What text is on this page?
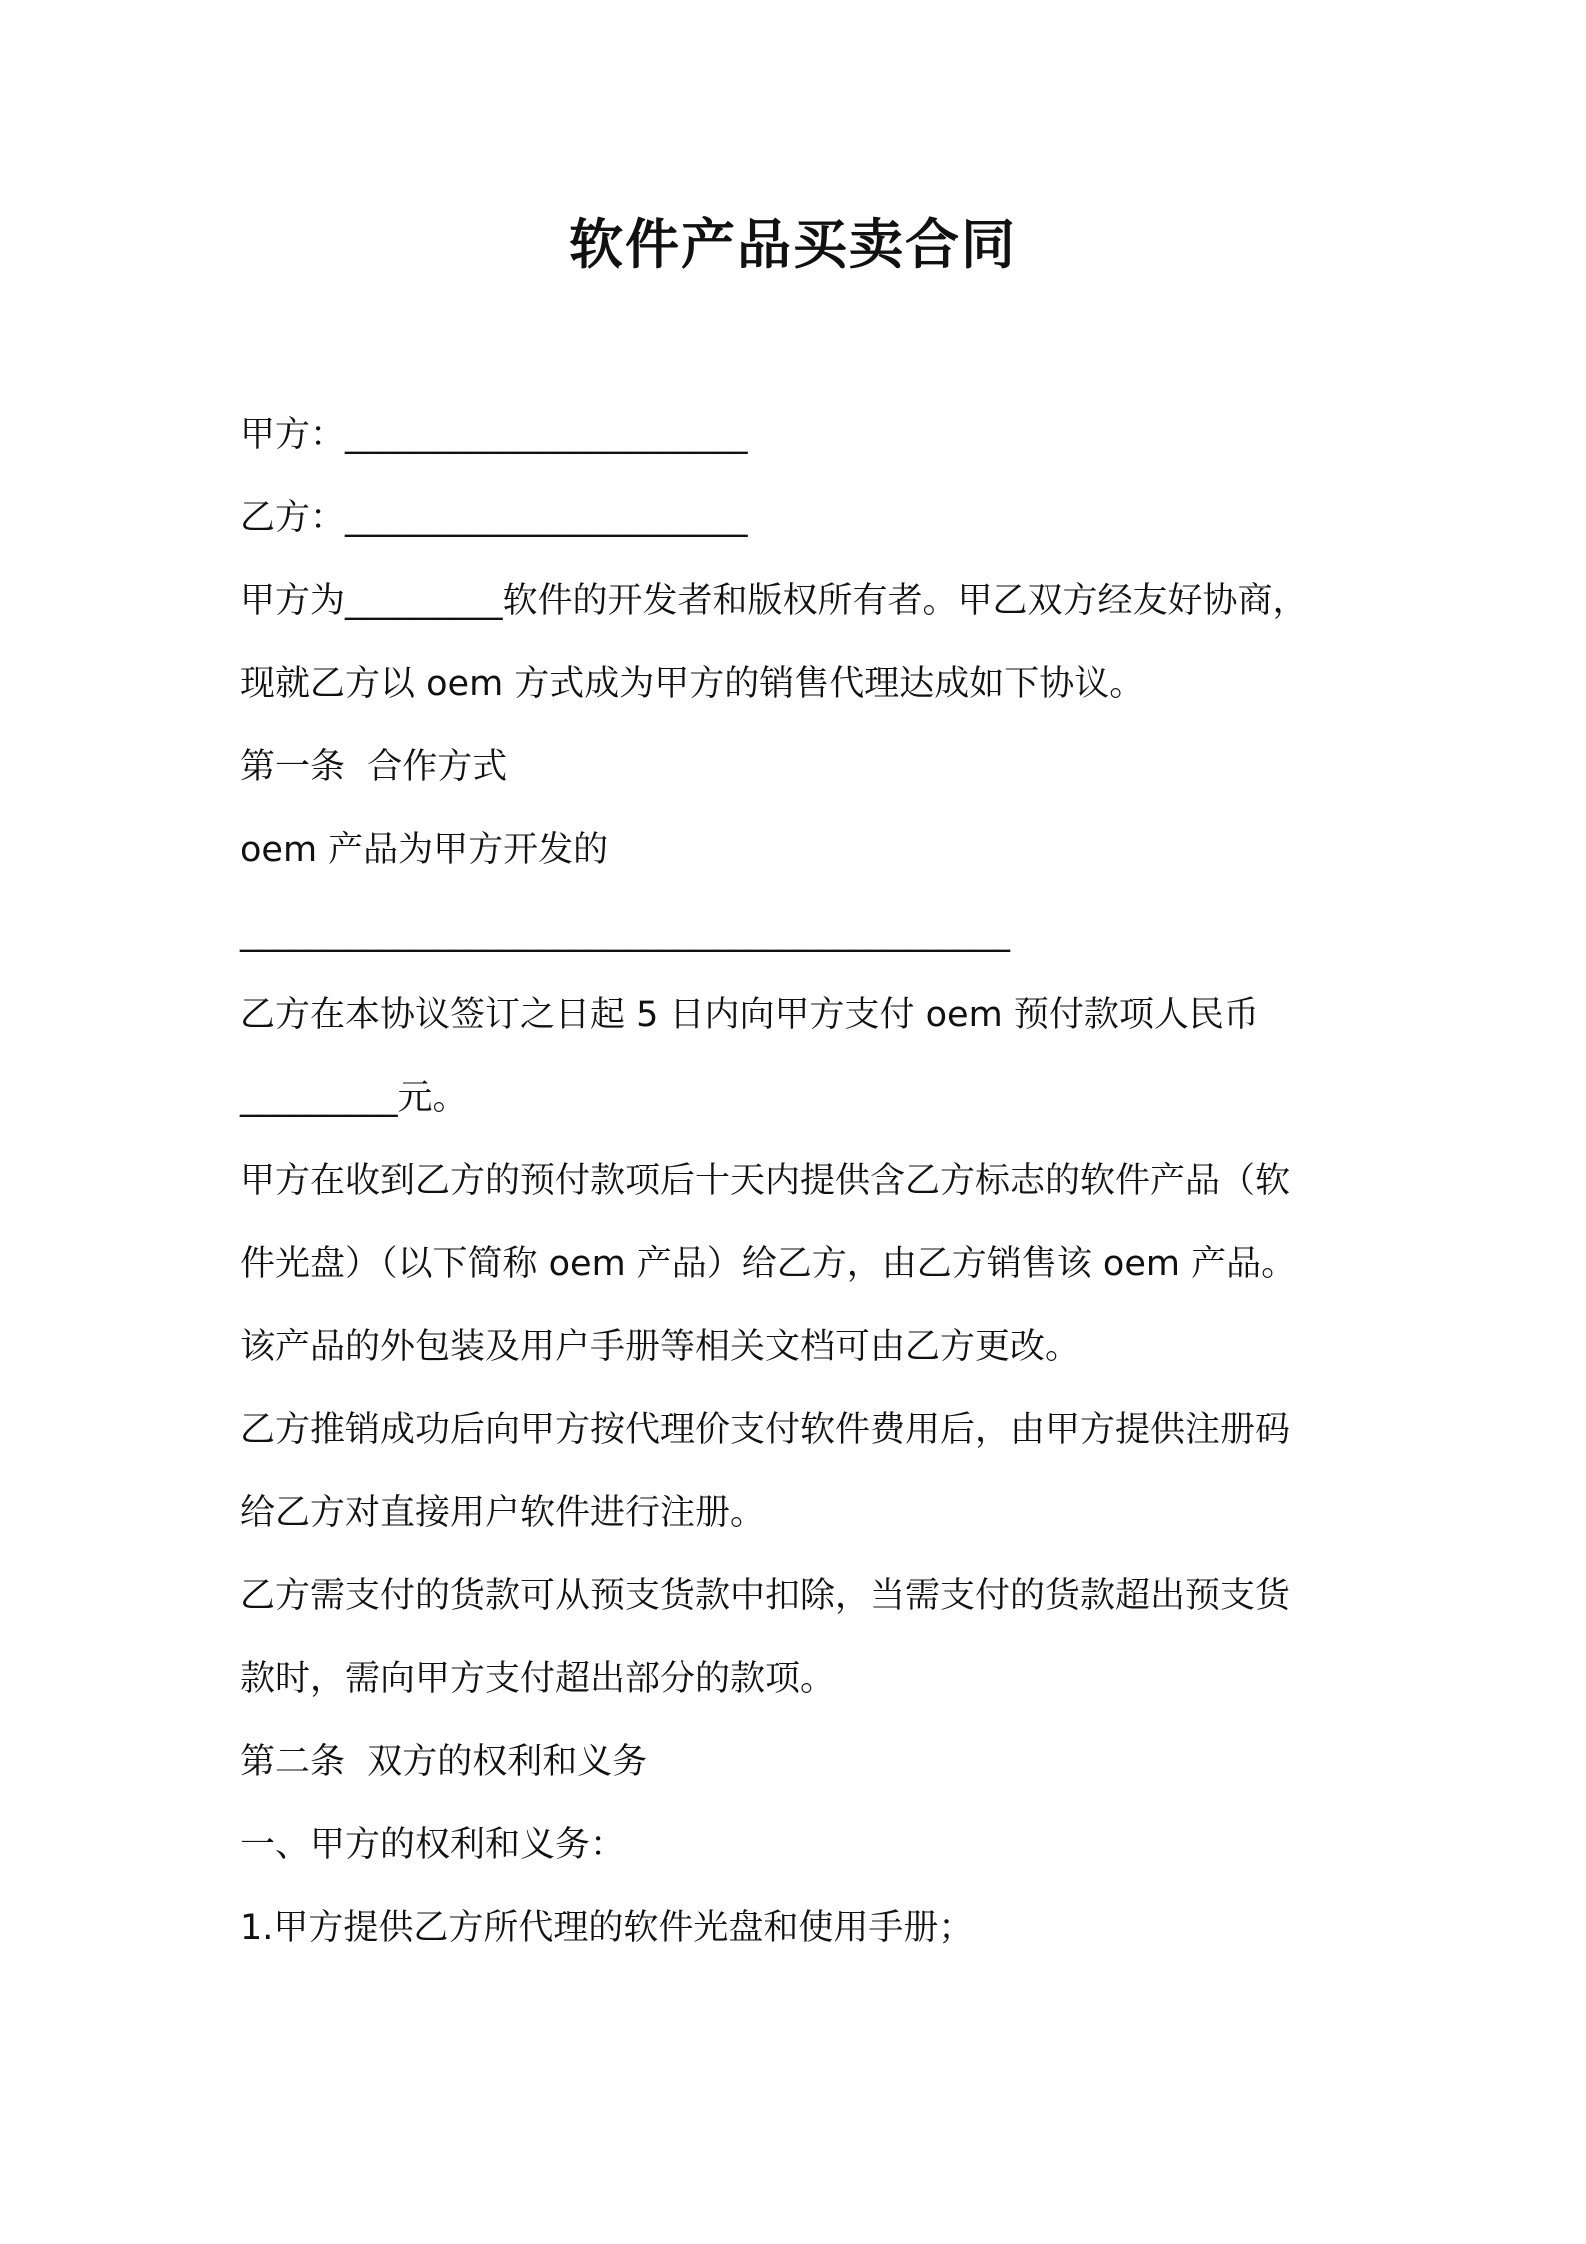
软件产品买卖合同

甲方：_______________________

乙方：_______________________

甲方为_________软件的开发者和版权所有者。甲乙双方经友好协商，

现就乙方以 oem 方式成为甲方的销售代理达成如下协议。

第一条  合作方式

oem 产品为甲方开发的

____________________________________________

乙方在本协议签订之日起 5 日内向甲方支付 oem 预付款项人民币

_________元。

甲方在收到乙方的预付款项后十天内提供含乙方标志的软件产品（软

件光盘）（以下简称 oem 产品）给乙方，由乙方销售该 oem 产品。

该产品的外包装及用户手册等相关文档可由乙方更改。

乙方推销成功后向甲方按代理价支付软件费用后，由甲方提供注册码

给乙方对直接用户软件进行注册。

乙方需支付的货款可从预支货款中扣除，当需支付的货款超出预支货

款时，需向甲方支付超出部分的款项。

第二条  双方的权利和义务

一、甲方的权利和义务：

1.甲方提供乙方所代理的软件光盘和使用手册；
